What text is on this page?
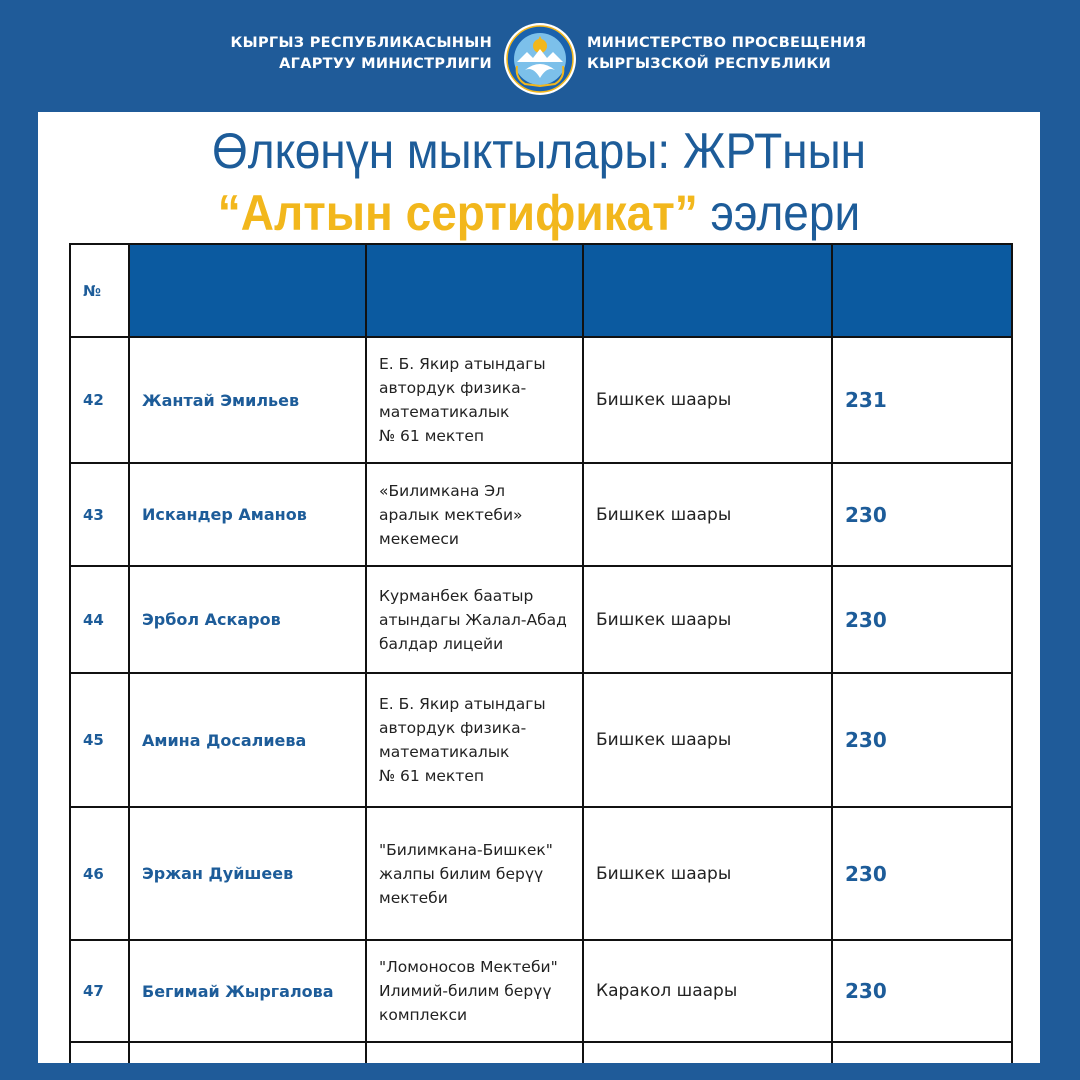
КЫРГЫЗ РЕСПУБЛИКАСЫНЫН
АГАРТУУ МИНИСТРЛИГИ
МИНИСТЕРСТВО ПРОСВЕЩЕНИЯ
КЫРГЫЗСКОЙ РЕСПУБЛИКИ
Өлкөнүн мыктылары: ЖРТнын
“Алтын сертификат” ээлери
№				
42	Жантай Эмильев	Е. Б. Якир атындагы
автордук физика-
математикалык
№ 61 мектеп	Бишкек шаары	231
43	Искандер Аманов	«Билимкана Эл
аралык мектеби»
мекемеси	Бишкек шаары	230
44	Эрбол Аскаров	Курманбек баатыр
атындагы Жалал-Абад
балдар лицейи	Бишкек шаары	230
45	Амина Досалиева	Е. Б. Якир атындагы
автордук физика-
математикалык
№ 61 мектеп	Бишкек шаары	230
46	Эржан Дуйшеев	"Билимкана-Бишкек"
жалпы билим берүү
мектеби	Бишкек шаары	230
47	Бегимай Жыргалова	"Ломоносов Мектеби"
Илимий-билим берүү
комплекси	Каракол шаары	230
